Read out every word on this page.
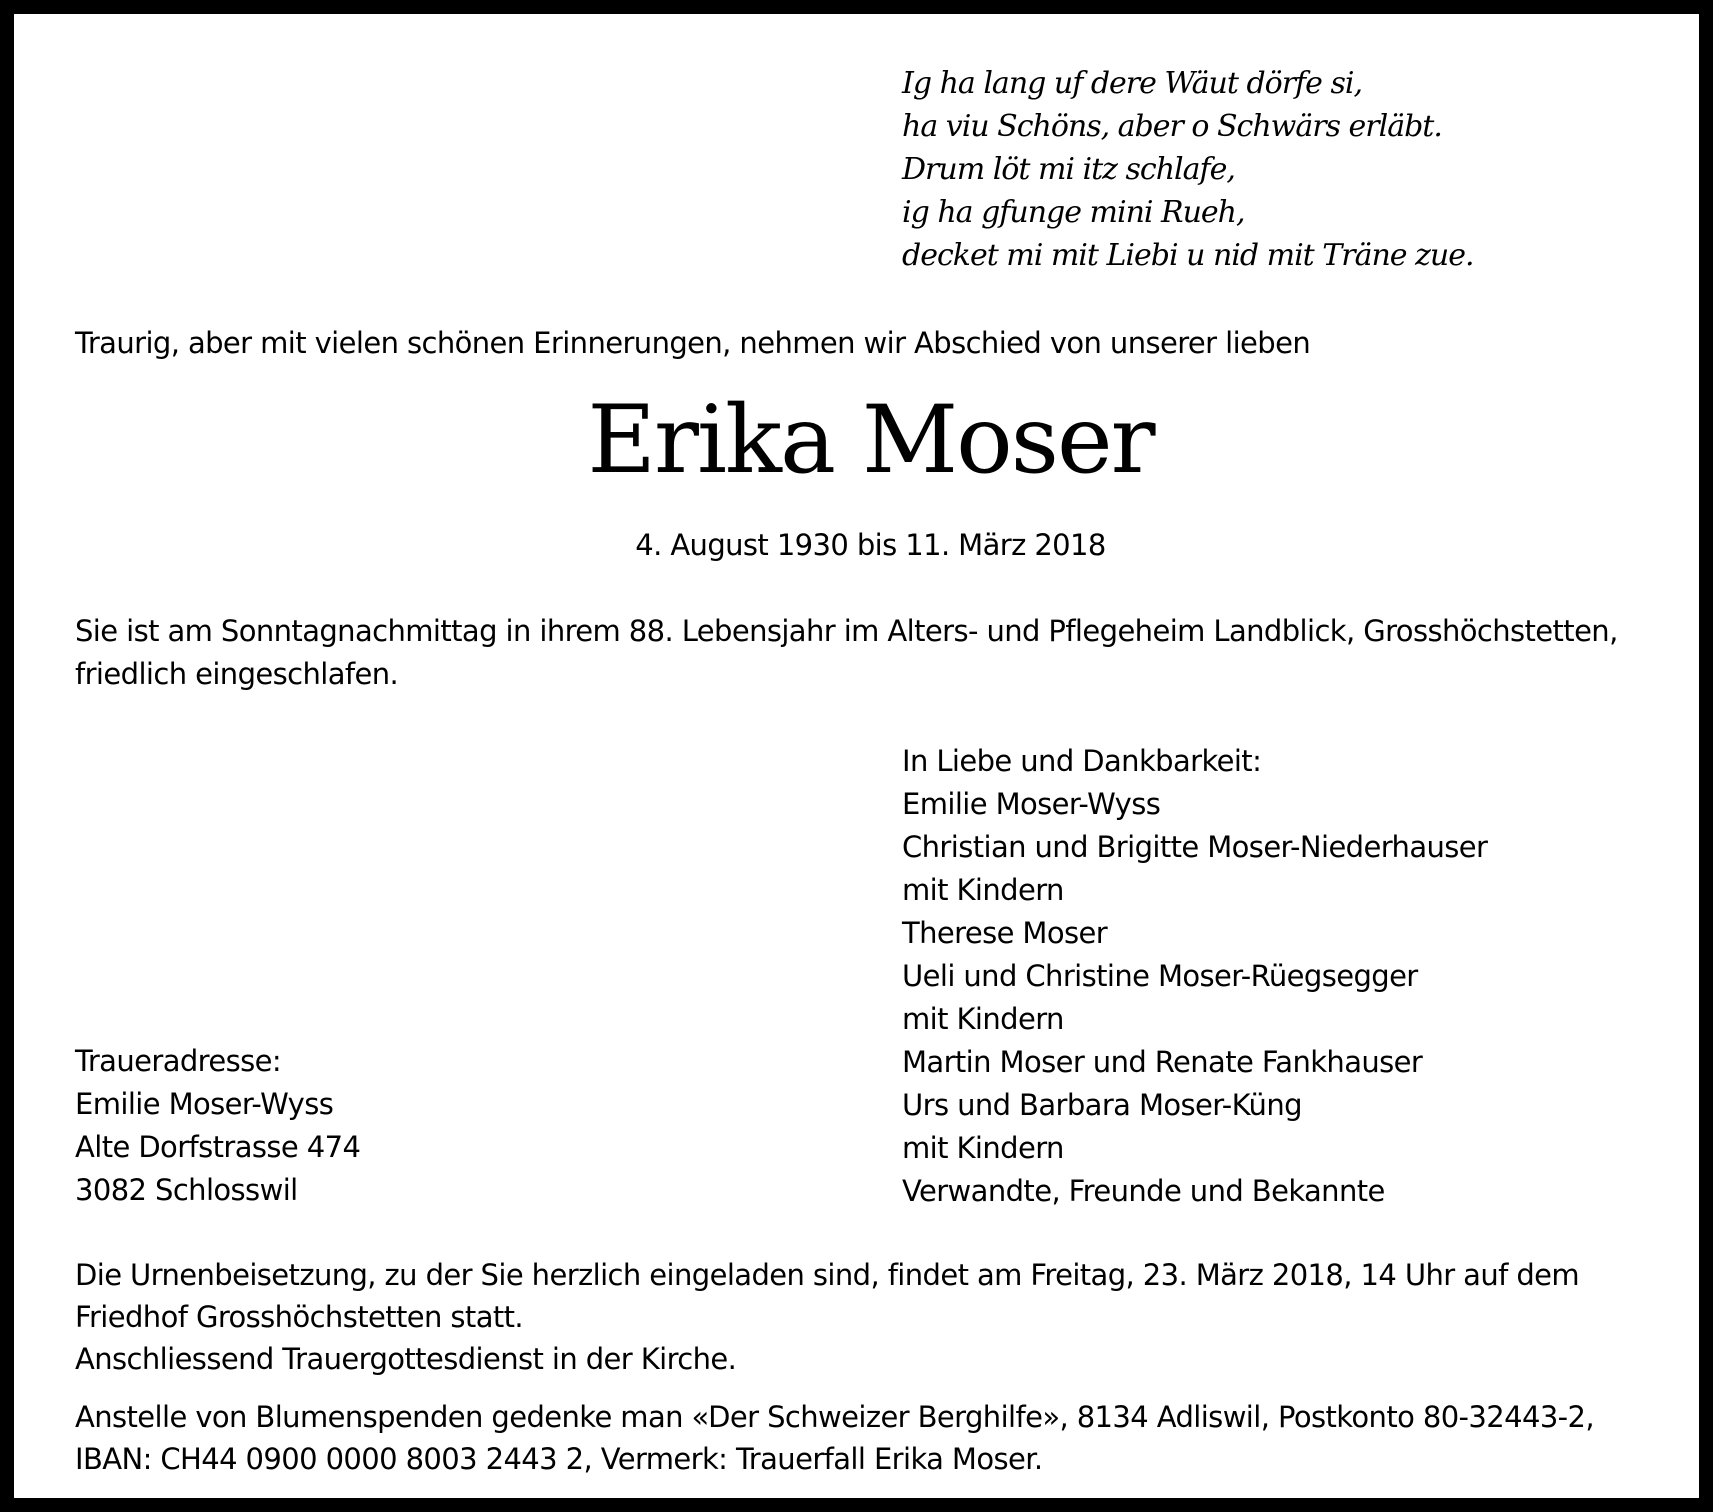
Ig ha lang uf dere Wäut dörfe si,
ha viu Schöns, aber o Schwärs erläbt.
Drum löt mi itz schlafe,
ig ha gfunge mini Rueh,
decket mi mit Liebi u nid mit Träne zue.
Traurig, aber mit vielen schönen Erinnerungen, nehmen wir Abschied von unserer lieben
Erika Moser
4. August 1930 bis 11. März 2018
Sie ist am Sonntagnachmittag in ihrem 88. Lebensjahr im Alters- und Pflegeheim Landblick, Grosshöchstetten,
friedlich eingeschlafen.
In Liebe und Dankbarkeit:
Emilie Moser-Wyss
Christian und Brigitte Moser-Niederhauser
mit Kindern
Therese Moser
Ueli und Christine Moser-Rüegsegger
mit Kindern
Martin Moser und Renate Fankhauser
Urs und Barbara Moser-Küng
mit Kindern
Verwandte, Freunde und Bekannte
Traueradresse:
Emilie Moser-Wyss
Alte Dorfstrasse 474
3082 Schlosswil
Die Urnenbeisetzung, zu der Sie herzlich eingeladen sind, findet am Freitag, 23. März 2018, 14 Uhr auf dem
Friedhof Grosshöchstetten statt.
Anschliessend Trauergottesdienst in der Kirche.
Anstelle von Blumenspenden gedenke man «Der Schweizer Berghilfe», 8134 Adliswil, Postkonto 80-32443-2,
IBAN: CH44 0900 0000 8003 2443 2, Vermerk: Trauerfall Erika Moser.
